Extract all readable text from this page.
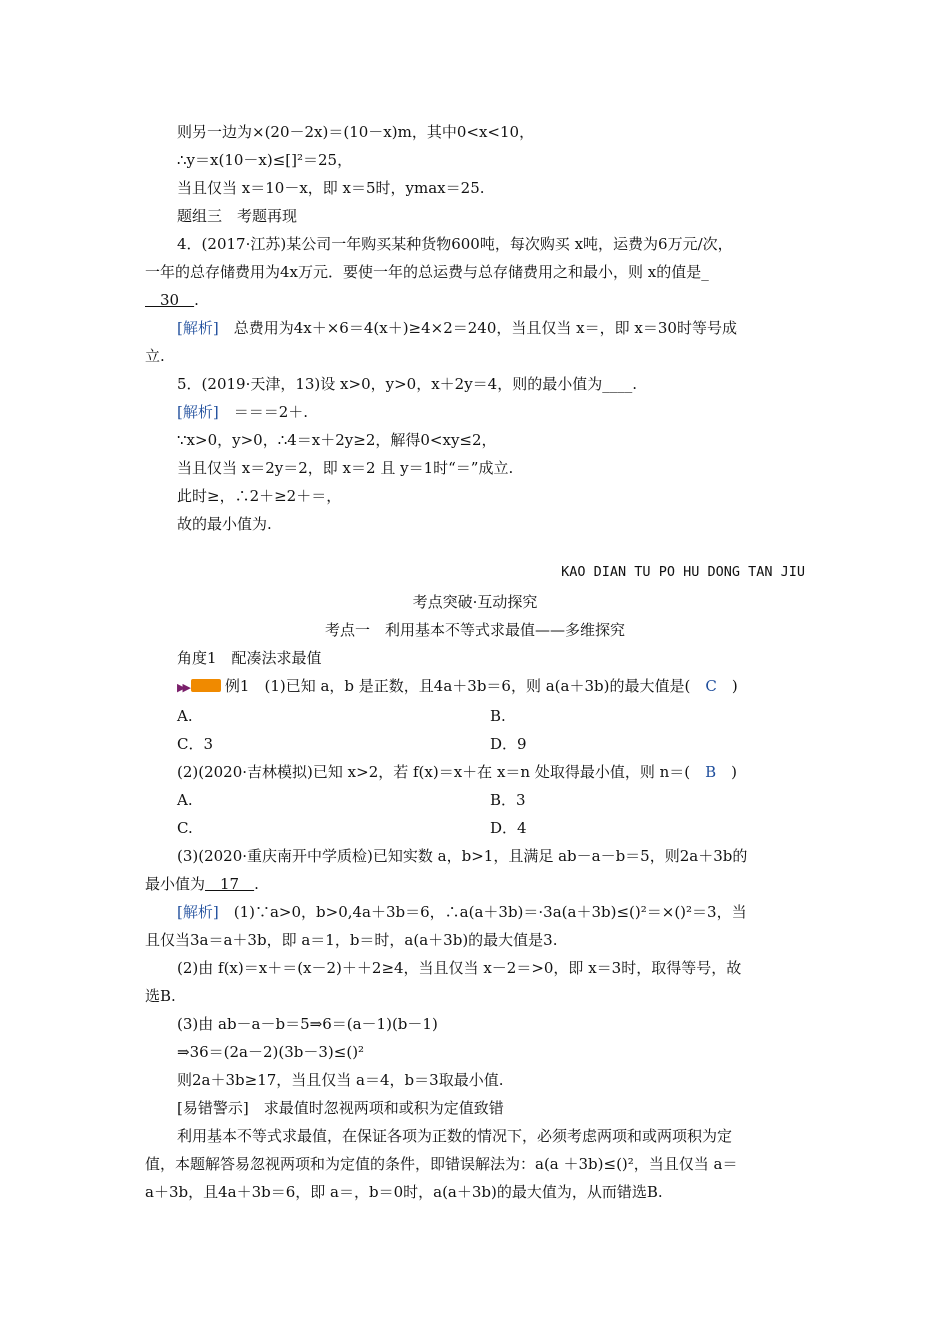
则另一边为×(20－2x)＝(10－x)m，其中0<x<10，
∴y＝x(10－x)≤[]²＝25，
当且仅当 x＝10－x，即 x＝5时，ymax＝25.
题组三　考题再现
4．(2017·江苏)某公司一年购买某种货物600吨，每次购买 x吨，运费为6万元/次，
一年的总存储费用为4x万元．要使一年的总运费与总存储费用之和最小，则 x的值是_
　30　.
[解析]　总费用为4x＋×6＝4(x＋)≥4×2＝240，当且仅当 x＝，即 x＝30时等号成
立.
5．(2019·天津，13)设 x>0，y>0，x＋2y＝4，则的最小值为____.
[解析]　＝＝＝2＋.
∵x>0，y>0，∴4＝x＋2y≥2，解得0<xy≤2，
当且仅当 x＝2y＝2，即 x＝2 且 y＝1时“＝”成立.
此时≥，∴2＋≥2＋＝，
故的最小值为.
KAO DIAN TU PO HU DONG TAN JIU
考点突破·互动探究
考点一　利用基本不等式求最值——多维探究
角度1　配凑法求最值
▶▶ 例1　(1)已知 a，b 是正数，且4a＋3b＝6，则 a(a＋3b)的最大值是(　C　)
A.	B.
C．3	D．9
(2)(2020·吉林模拟)已知 x>2，若 f(x)＝x＋在 x＝n 处取得最小值，则 n＝(　B　)
A.	B．3
C.	D．4
(3)(2020·重庆南开中学质检)已知实数 a，b>1，且满足 ab－a－b＝5，则2a＋3b的
最小值为　17　.
[解析]　(1)∵a>0，b>0,4a＋3b＝6，∴a(a＋3b)＝·3a(a＋3b)≤()²＝×()²＝3，当
且仅当3a＝a＋3b，即 a＝1，b＝时，a(a＋3b)的最大值是3.
(2)由 f(x)＝x＋＝(x－2)＋＋2≥4，当且仅当 x－2＝>0，即 x＝3时，取得等号，故
选B.
(3)由 ab－a－b＝5⇒6＝(a－1)(b－1)
⇒36＝(2a－2)(3b－3)≤()²
则2a＋3b≥17，当且仅当 a＝4，b＝3取最小值.
[易错警示]　求最值时忽视两项和或积为定值致错
利用基本不等式求最值，在保证各项为正数的情况下，必须考虑两项和或两项积为定
值，本题解答易忽视两项和为定值的条件，即错误解法为：a(a ＋3b)≤()²，当且仅当 a＝
a＋3b，且4a＋3b＝6，即 a＝，b＝0时，a(a＋3b)的最大值为，从而错选B.
